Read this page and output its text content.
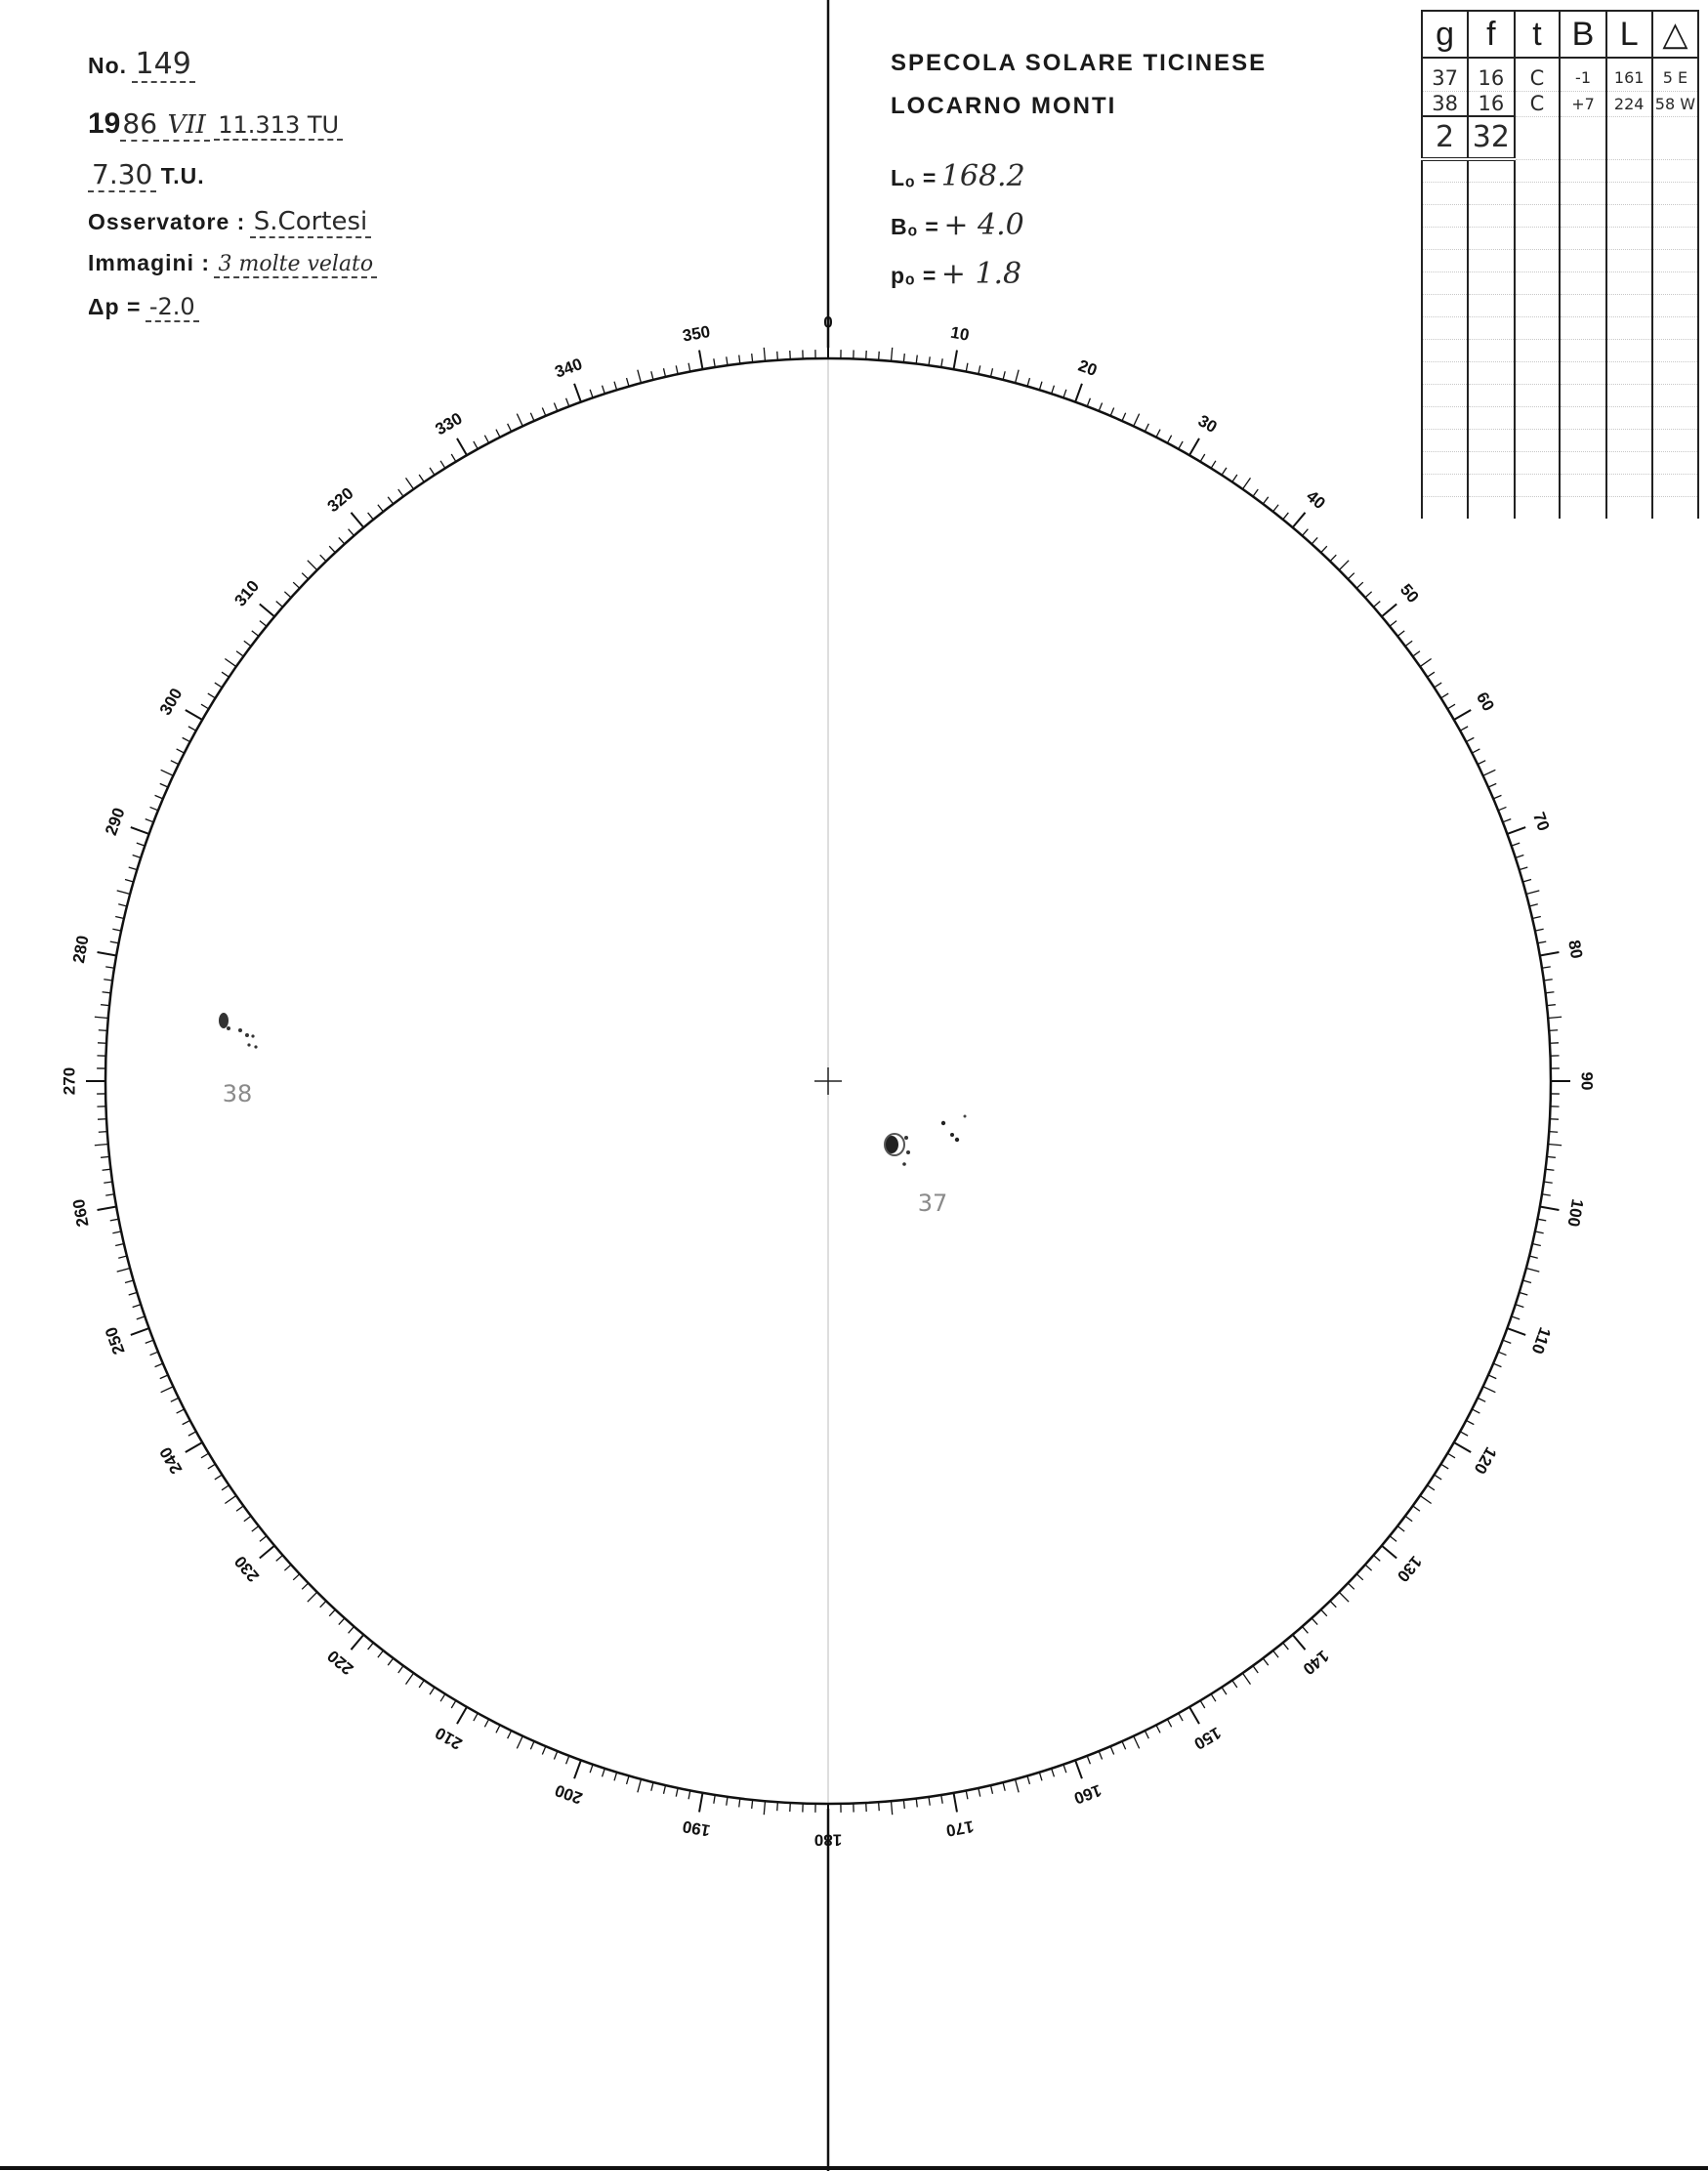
0
10
20
30
40
50
60
70
80
90
100
110
120
130
140
150
160
170
180
190
200
210
220
230
240
250
260
270
280
290
300
310
320
330
340
350
37
38
No. 149
1986 VII 11.313 TU
7.30 T.U.
Osservatore : S.Cortesi
Immagini : 3 molte velato
Δp = -2.0
SPECOLA SOLARE TICINESE
LOCARNO MONTI
Lₒ = 168.2
Bₒ = + 4.0
pₒ = + 1.8
g	f	t	B	L	△

37	16	C	-1	161	5 E
38	16	C	+7	224	58 W
2	32				
